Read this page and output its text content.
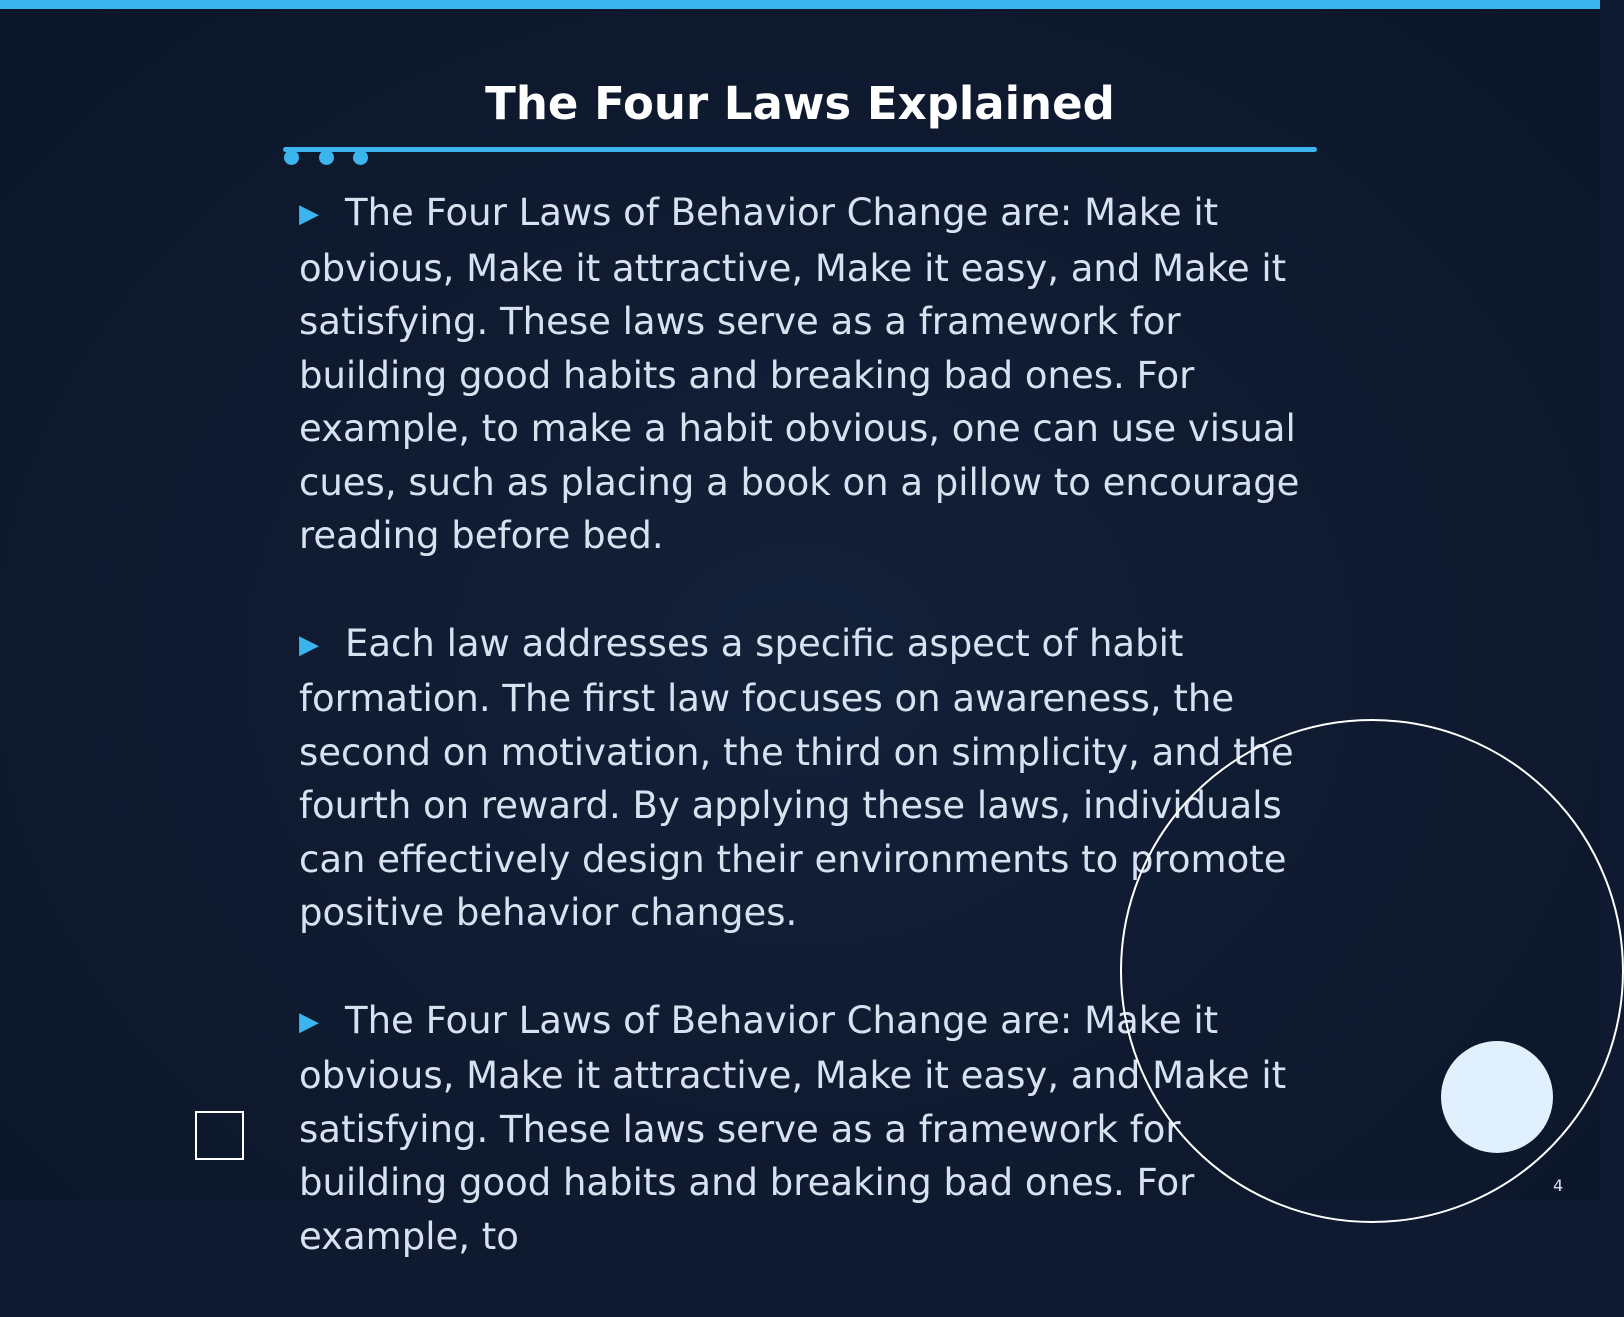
The Four Laws Explained

▶ The Four Laws of Behavior Change are: Make it obvious, Make it attractive, Make it easy, and Make it satisfying. These laws serve as a framework for building good habits and breaking bad ones. For example, to make a habit obvious, one can use visual cues, such as placing a book on a pillow to encourage reading before bed.

▶ Each law addresses a specific aspect of habit formation. The first law focuses on awareness, the second on motivation, the third on simplicity, and the fourth on reward. By applying these laws, individuals can effectively design their environments to promote positive behavior changes.

▶ The Four Laws of Behavior Change are: Make it obvious, Make it attractive, Make it easy, and Make it satisfying. These laws serve as a framework for building good habits and breaking bad ones. For example, to

4
